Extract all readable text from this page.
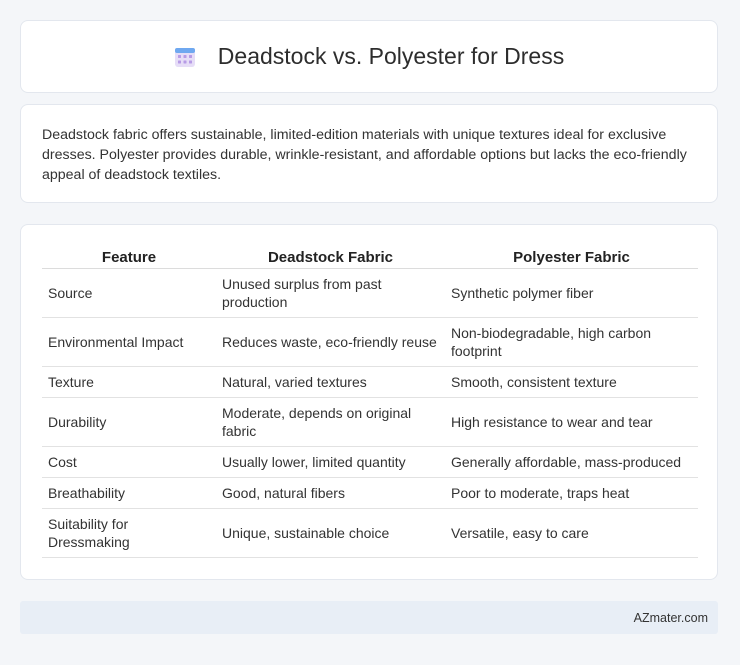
Deadstock vs. Polyester for Dress

Deadstock fabric offers sustainable, limited-edition materials with unique textures ideal for exclusive dresses. Polyester provides durable, wrinkle-resistant, and affordable options but lacks the eco-friendly appeal of deadstock textiles.

Feature	Deadstock Fabric	Polyester Fabric
Source	Unused surplus from past production	Synthetic polymer fiber
Environmental Impact	Reduces waste, eco-friendly reuse	Non-biodegradable, high carbon footprint
Texture	Natural, varied textures	Smooth, consistent texture
Durability	Moderate, depends on original fabric	High resistance to wear and tear
Cost	Usually lower, limited quantity	Generally affordable, mass-produced
Breathability	Good, natural fibers	Poor to moderate, traps heat
Suitability for Dressmaking	Unique, sustainable choice	Versatile, easy to care
AZmater.com
